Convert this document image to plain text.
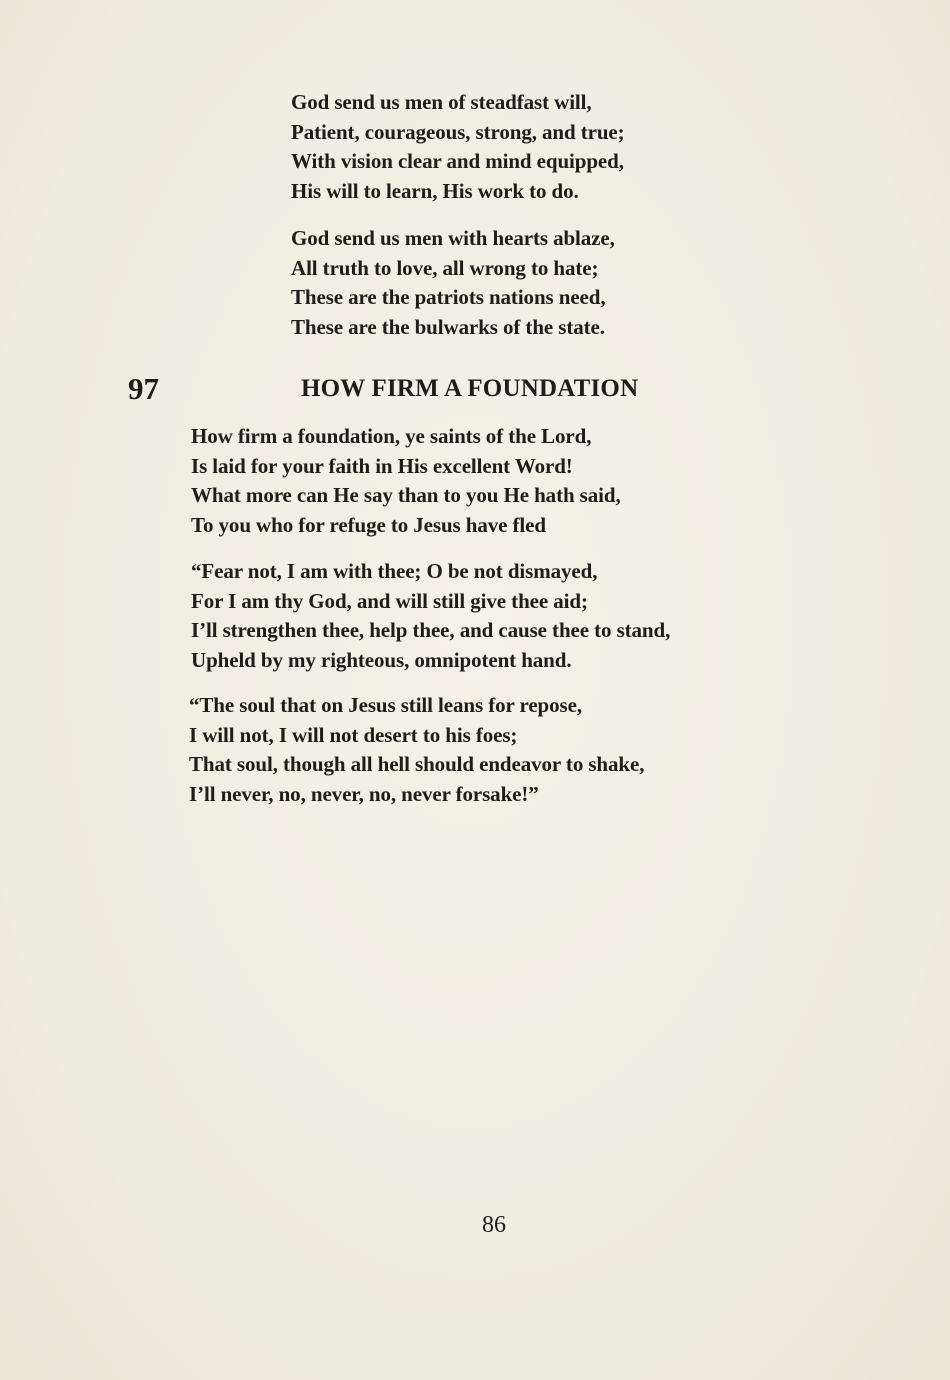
God send us men of steadfast will,
Patient, courageous, strong, and true;
With vision clear and mind equipped,
His will to learn, His work to do.
God send us men with hearts ablaze,
All truth to love, all wrong to hate;
These are the patriots nations need,
These are the bulwarks of the state.
97	HOW FIRM A FOUNDATION
How firm a foundation, ye saints of the Lord,
Is laid for your faith in His excellent Word!
What more can He say than to you He hath said,
To you who for refuge to Jesus have fled
“Fear not, I am with thee; O be not dismayed,
For I am thy God, and will still give thee aid;
I’ll strengthen thee, help thee, and cause thee to stand,
Upheld by my righteous, omnipotent hand.
“The soul that on Jesus still leans for repose,
I will not, I will not desert to his foes;
That soul, though all hell should endeavor to shake,
I’ll never, no, never, no, never forsake!”
86
